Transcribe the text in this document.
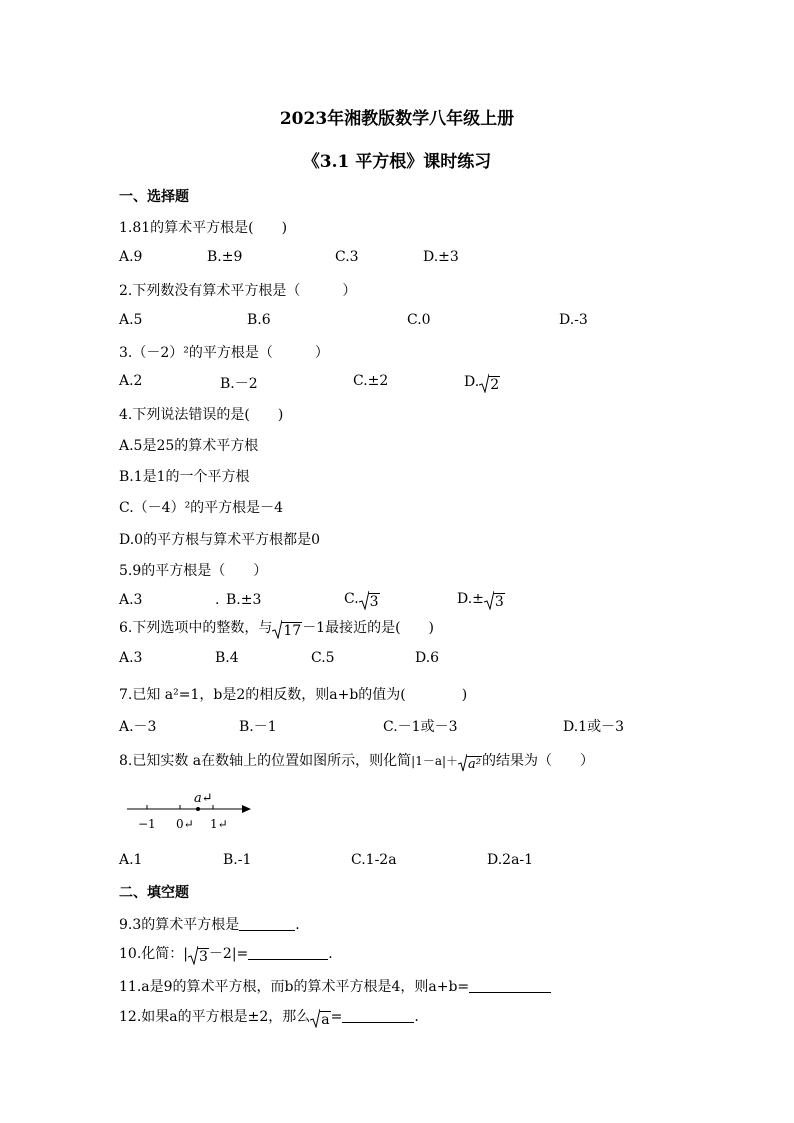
2023年湘教版数学八年级上册
《3.1 平方根》课时练习
一、选择题
1.81的算术平方根是(　　)
A.9	B.±9	C.3	D.±3
2.下列数没有算术平方根是（　　　）
A.5	B.6	C.0	D.-3
3.（－2）²的平方根是（　　　）
A.2	B.－2	C.±2	D. 2
4.下列说法错误的是(　　)
A.5是25的算术平方根
B.1是1的一个平方根
C.（－4）²的平方根是－4
D.0的平方根与算术平方根都是0
5.9的平方根是（　　）
A.3	. B.±3	C. 3	D.± 3
6.下列选项中的整数，与 17－1最接近的是(　　)
A.3	B.4	C.5	D.6
7.已知 a²=1，b是2的相反数，则a+b的值为(　　　　)
A.－3	B.－1	C.－1或－3	D.1或－3
8.已知实数 a在数轴上的位置如图所示，则化简|1－a|＋ a²的结果为（　　）
a↵
−1 0↵ 1↵
A.1	B.-1	C.1-2a	D.2a-1
二、填空题
9.3的算术平方根是	.
10.化简：| 3－2|=	.
11.a是9的算术平方根，而b的算术平方根是4，则a+b=
12.如果a的平方根是±2，那么 a=	.
